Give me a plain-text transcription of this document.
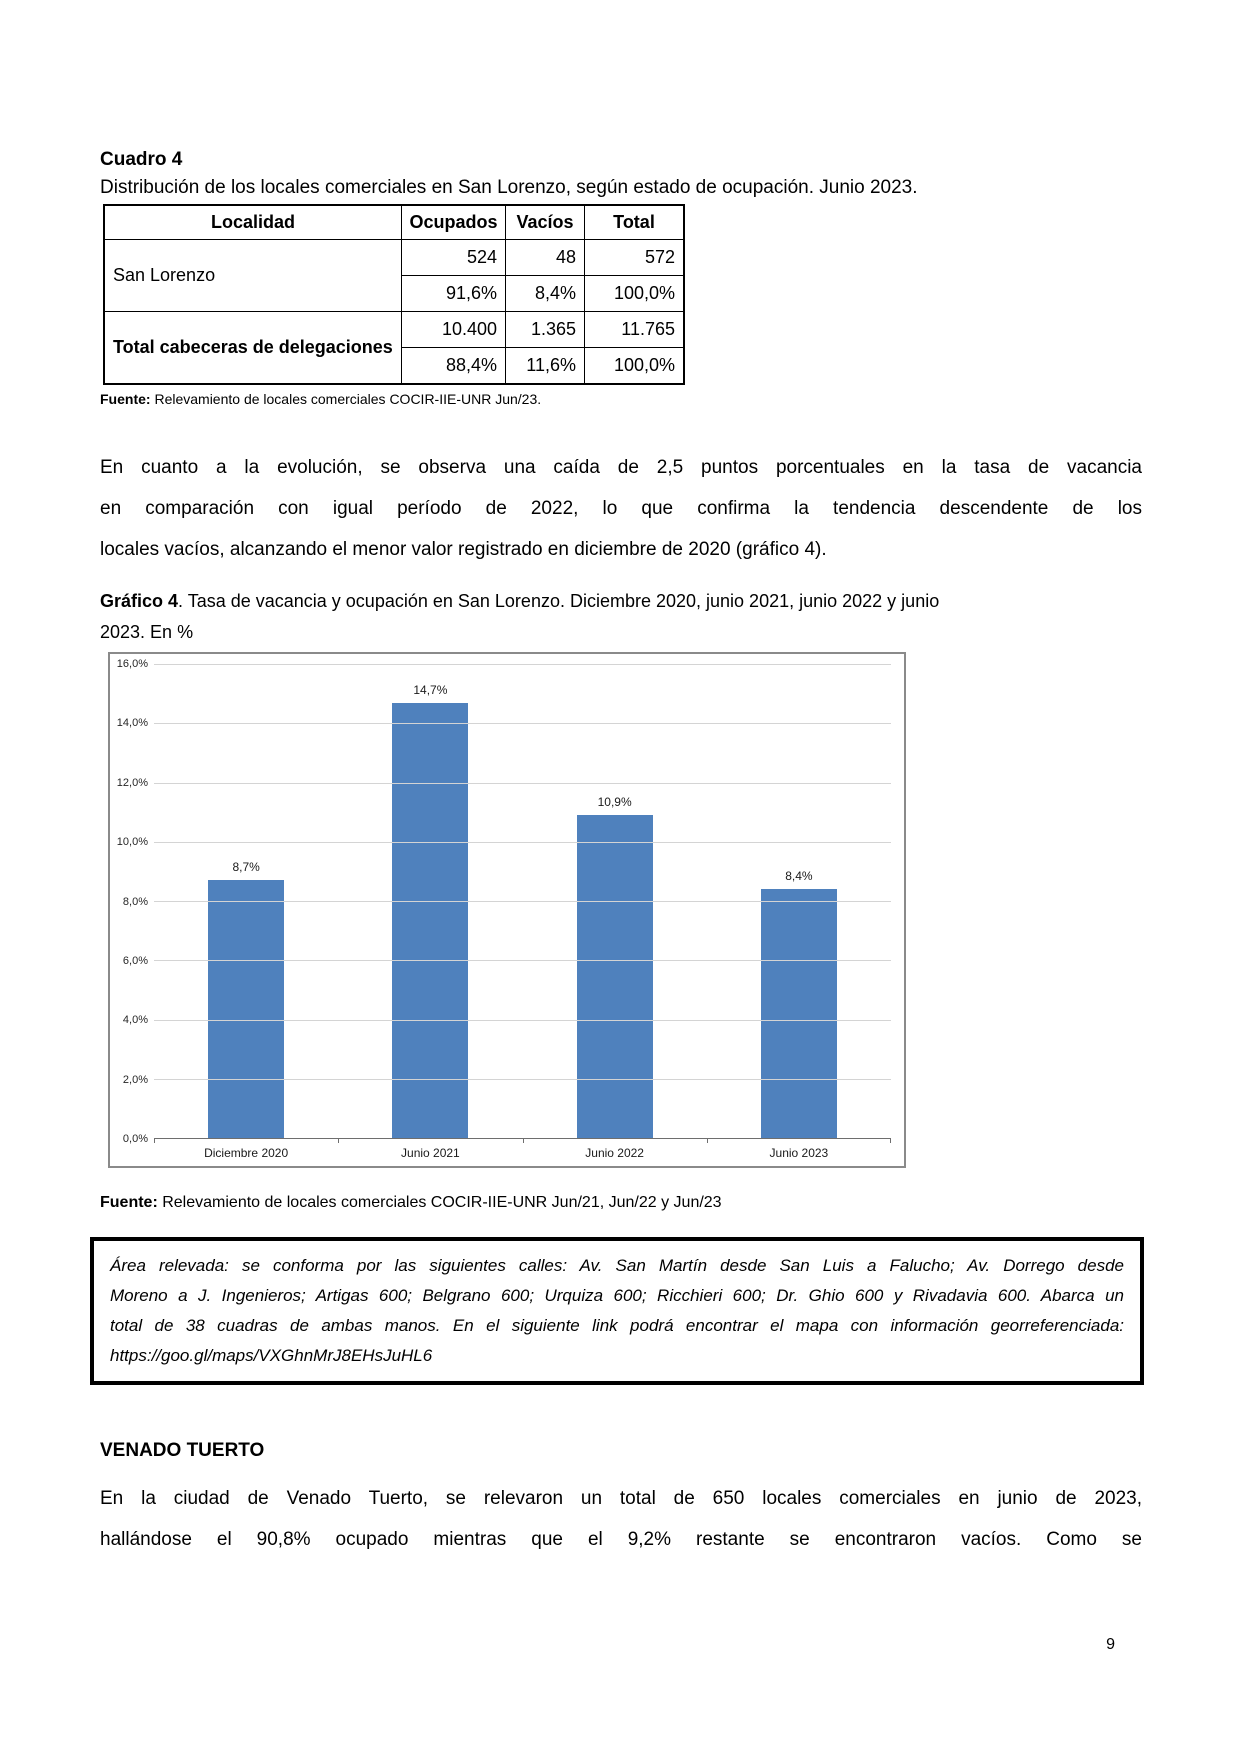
Cuadro 4
Distribución de los locales comerciales en San Lorenzo, según estado de ocupación. Junio 2023.
Localidad	Ocupados	Vacíos	Total
San Lorenzo	524	48	572
	91,6%	8,4%	100,0%
Total cabeceras de delegaciones	10.400	1.365	11.765
	88,4%	11,6%	100,0%
Fuente: Relevamiento de locales comerciales COCIR-IIE-UNR Jun/23.
En cuanto a la evolución, se observa una caída de 2,5 puntos porcentuales en la tasa de vacancia
en comparación con igual período de 2022, lo que confirma la tendencia descendente de los
locales vacíos, alcanzando el menor valor registrado en diciembre de 2020 (gráfico 4).
Gráfico 4. Tasa de vacancia y ocupación en San Lorenzo. Diciembre 2020, junio 2021, junio 2022 y junio
2023. En %
0,0%
2,0%
4,0%
6,0%
8,0%
10,0%
12,0%
14,0%
16,0%
8,7%
14,7%
10,9%
8,4%
Diciembre 2020	Junio 2021	Junio 2022	Junio 2023
Fuente: Relevamiento de locales comerciales COCIR-IIE-UNR Jun/21, Jun/22 y Jun/23
Área relevada: se conforma por las siguientes calles: Av. San Martín desde San Luis a Falucho; Av. Dorrego desde
Moreno a J. Ingenieros; Artigas 600; Belgrano 600; Urquiza 600; Ricchieri 600; Dr. Ghio 600 y Rivadavia 600. Abarca un
total de 38 cuadras de ambas manos. En el siguiente link podrá encontrar el mapa con información georreferenciada:
https://goo.gl/maps/VXGhnMrJ8EHsJuHL6
VENADO TUERTO
En la ciudad de Venado Tuerto, se relevaron un total de 650 locales comerciales en junio de 2023,
hallándose el 90,8% ocupado mientras que el 9,2% restante se encontraron vacíos. Como se
9
